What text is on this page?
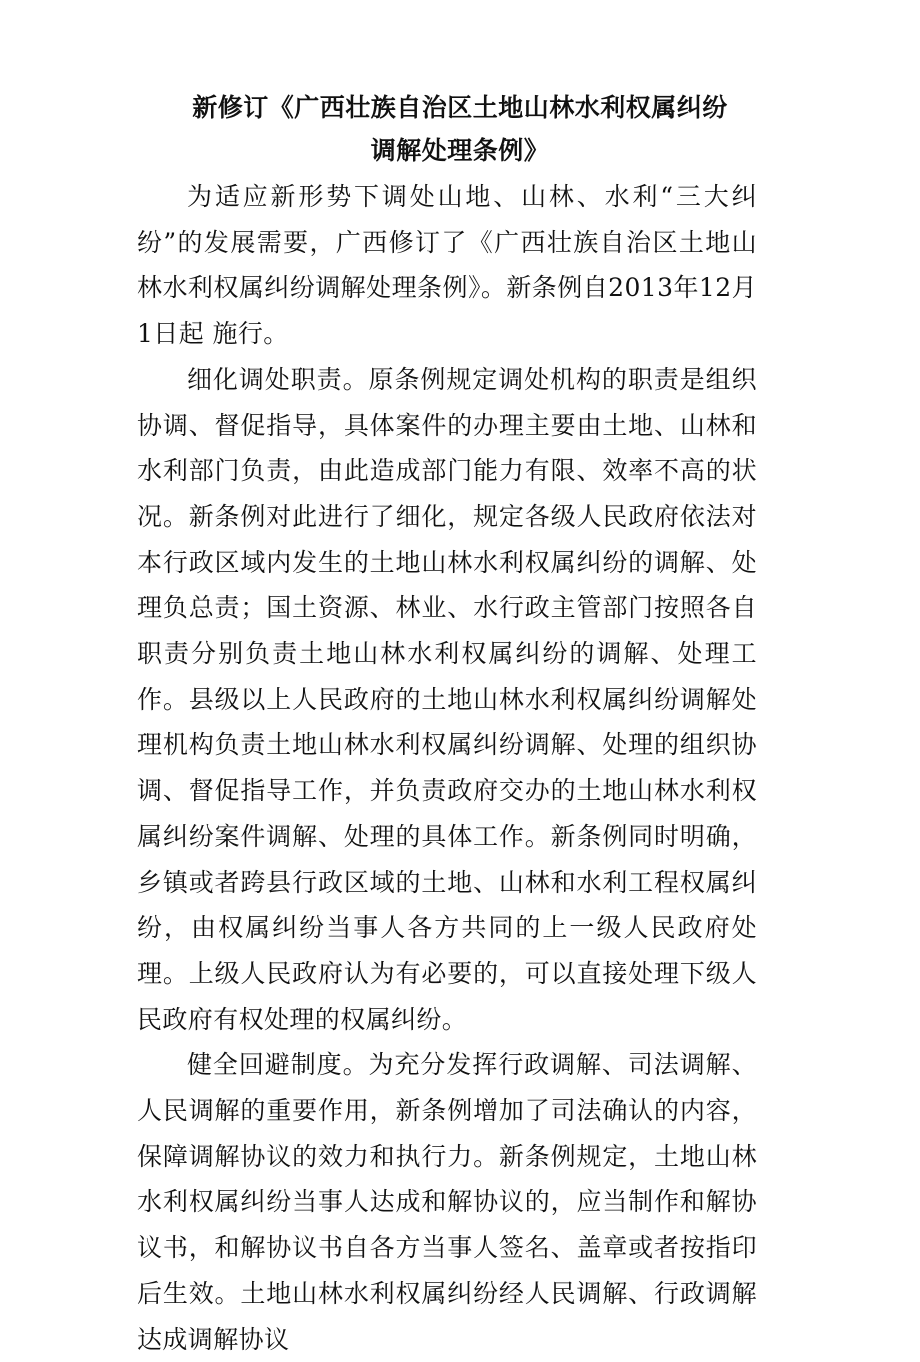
新修订《广西壮族自治区土地山林水利权属纠纷
调解处理条例》

为适应新形势下调处山地、山林、水利“三大纠纷”的发展需要，广西修订了《广西壮族自治区土地山林水利权属纠纷调解处理条例》。新条例自2013年12月1日起 施行。

细化调处职责。原条例规定调处机构的职责是组织协调、督促指导，具体案件的办理主要由土地、山林和水利部门负责，由此造成部门能力有限、效率不高的状况。新条例对此进行了细化，规定各级人民政府依法对本行政区域内发生的土地山林水利权属纠纷的调解、处理负总责；国土资源、林业、水行政主管部门按照各自职责分别负责土地山林水利权属纠纷的调解、处理工作。县级以上人民政府的土地山林水利权属纠纷调解处理机构负责土地山林水利权属纠纷调解、处理的组织协调、督促指导工作，并负责政府交办的土地山林水利权属纠纷案件调解、处理的具体工作。新条例同时明确，乡镇或者跨县行政区域的土地、山林和水利工程权属纠纷，由权属纠纷当事人各方共同的上一级人民政府处理。上级人民政府认为有必要的，可以直接处理下级人民政府有权处理的权属纠纷。

健全回避制度。为充分发挥行政调解、司法调解、人民调解的重要作用，新条例增加了司法确认的内容，保障调解协议的效力和执行力。新条例规定，土地山林水利权属纠纷当事人达成和解协议的，应当制作和解协议书，和解协议书自各方当事人签名、盖章或者按指印后生效。土地山林水利权属纠纷经人民调解、行政调解达成调解协议
